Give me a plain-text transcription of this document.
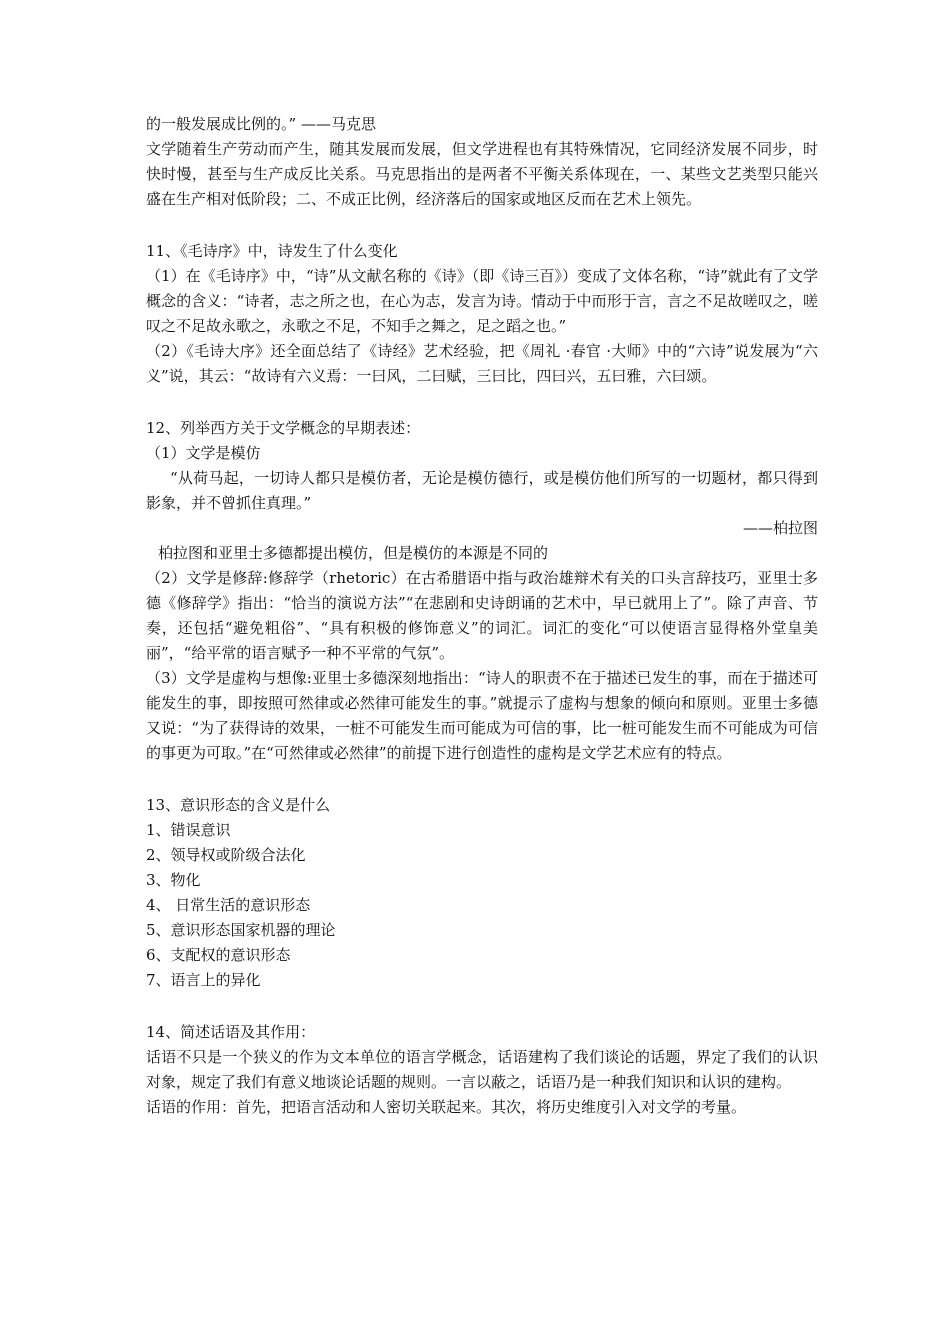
的一般发展成比例的。” ——马克思

文学随着生产劳动而产生，随其发展而发展，但文学进程也有其特殊情况，它同经济发展不同步，时快时慢，甚至与生产成反比关系。马克思指出的是两者不平衡关系体现在，一、某些文艺类型只能兴盛在生产相对低阶段；二、不成正比例，经济落后的国家或地区反而在艺术上领先。

11、《毛诗序》中，诗发生了什么变化

（1）在《毛诗序》中，“诗”从文献名称的《诗》（即《诗三百》）变成了文体名称，“诗”就此有了文学概念的含义：“诗者，志之所之也，在心为志，发言为诗。情动于中而形于言，言之不足故嗟叹之，嗟叹之不足故永歌之，永歌之不足，不知手之舞之，足之蹈之也。”

（2）《毛诗大序》还全面总结了《诗经》艺术经验，把《周礼 ·春官 ·大师》中的“六诗”说发展为“六义”说，其云：“故诗有六义焉：一曰风，二曰赋，三曰比，四曰兴，五曰雅，六曰颂。

12、列举西方关于文学概念的早期表述：

（1）文学是模仿

“从荷马起，一切诗人都只是模仿者，无论是模仿德行，或是模仿他们所写的一切题材，都只得到影象，并不曾抓住真理。”

——柏拉图

柏拉图和亚里士多德都提出模仿，但是模仿的本源是不同的

（2）文学是修辞:修辞学（rhetoric）在古希腊语中指与政治雄辩术有关的口头言辞技巧，亚里士多德《修辞学》指出：“恰当的演说方法”“在悲剧和史诗朗诵的艺术中，早已就用上了”。除了声音、节奏，还包括“避免粗俗”、“具有积极的修饰意义”的词汇。词汇的变化“可以使语言显得格外堂皇美丽”，“给平常的语言赋予一种不平常的气氛”。

（3）文学是虚构与想像:亚里士多德深刻地指出：“诗人的职责不在于描述已发生的事，而在于描述可能发生的事，即按照可然律或必然律可能发生的事。”就提示了虚构与想象的倾向和原则。亚里士多德又说：“为了获得诗的效果，一桩不可能发生而可能成为可信的事，比一桩可能发生而不可能成为可信的事更为可取。”在“可然律或必然律”的前提下进行创造性的虚构是文学艺术应有的特点。

13、意识形态的含义是什么

1、错误意识

2、领导权或阶级合法化

3、物化

4、 日常生活的意识形态

5、意识形态国家机器的理论

6、支配权的意识形态

7、语言上的异化

14、简述话语及其作用：

话语不只是一个狭义的作为文本单位的语言学概念，话语建构了我们谈论的话题，界定了我们的认识对象，规定了我们有意义地谈论话题的规则。一言以蔽之，话语乃是一种我们知识和认识的建构。

话语的作用：首先，把语言活动和人密切关联起来。其次，将历史维度引入对文学的考量。
